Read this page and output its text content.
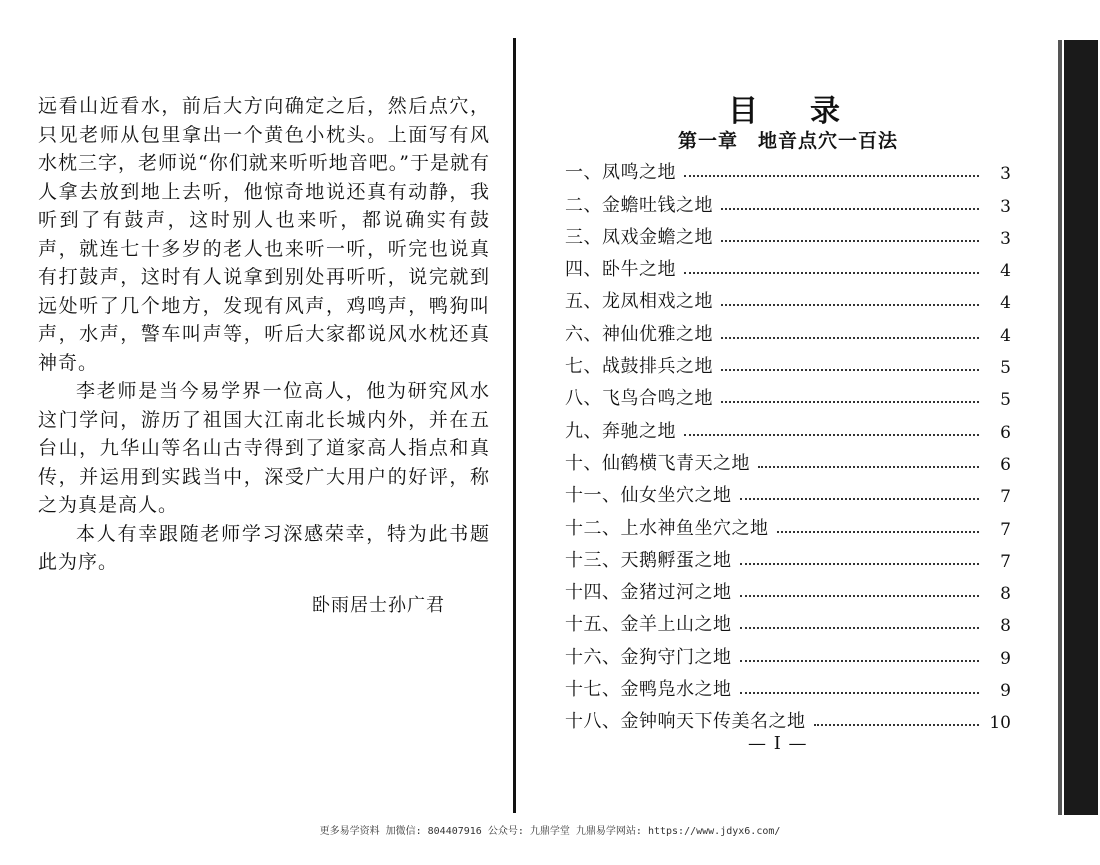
远看山近看水，前后大方向确定之后，然后点穴，只见老师从包里拿出一个黄色小枕头。上面写有风水枕三字，老师说“你们就来听听地音吧。”于是就有人拿去放到地上去听，他惊奇地说还真有动静，我听到了有鼓声，这时别人也来听，都说确实有鼓声，就连七十多岁的老人也来听一听，听完也说真有打鼓声，这时有人说拿到别处再听听，说完就到远处听了几个地方，发现有风声，鸡鸣声，鸭狗叫声，水声，警车叫声等，听后大家都说风水枕还真神奇。

李老师是当今易学界一位高人，他为研究风水这门学问，游历了祖国大江南北长城内外，并在五台山，九华山等名山古寺得到了道家高人指点和真传，并运用到实践当中，深受广大用户的好评，称之为真是高人。

本人有幸跟随老师学习深感荣幸，特为此书题此为序。

卧雨居士孙广君
目录
第一章　地音点穴一百法
一、凤鸣之地	3
二、金蟾吐钱之地	3
三、凤戏金蟾之地	3
四、卧牛之地	4
五、龙凤相戏之地	4
六、神仙优雅之地	4
七、战鼓排兵之地	5
八、飞鸟合鸣之地	5
九、奔驰之地	6
十、仙鹤横飞青天之地	6
十一、仙女坐穴之地	7
十二、上水神鱼坐穴之地	7
十三、天鹅孵蛋之地	7
十四、金猪过河之地	8
十五、金羊上山之地	8
十六、金狗守门之地	9
十七、金鸭凫水之地	9
十八、金钟响天下传美名之地	10
— I —
更多易学资料 加微信: 804407916 公众号: 九鼎学堂 九鼎易学网站: https://www.jdyx6.com/
